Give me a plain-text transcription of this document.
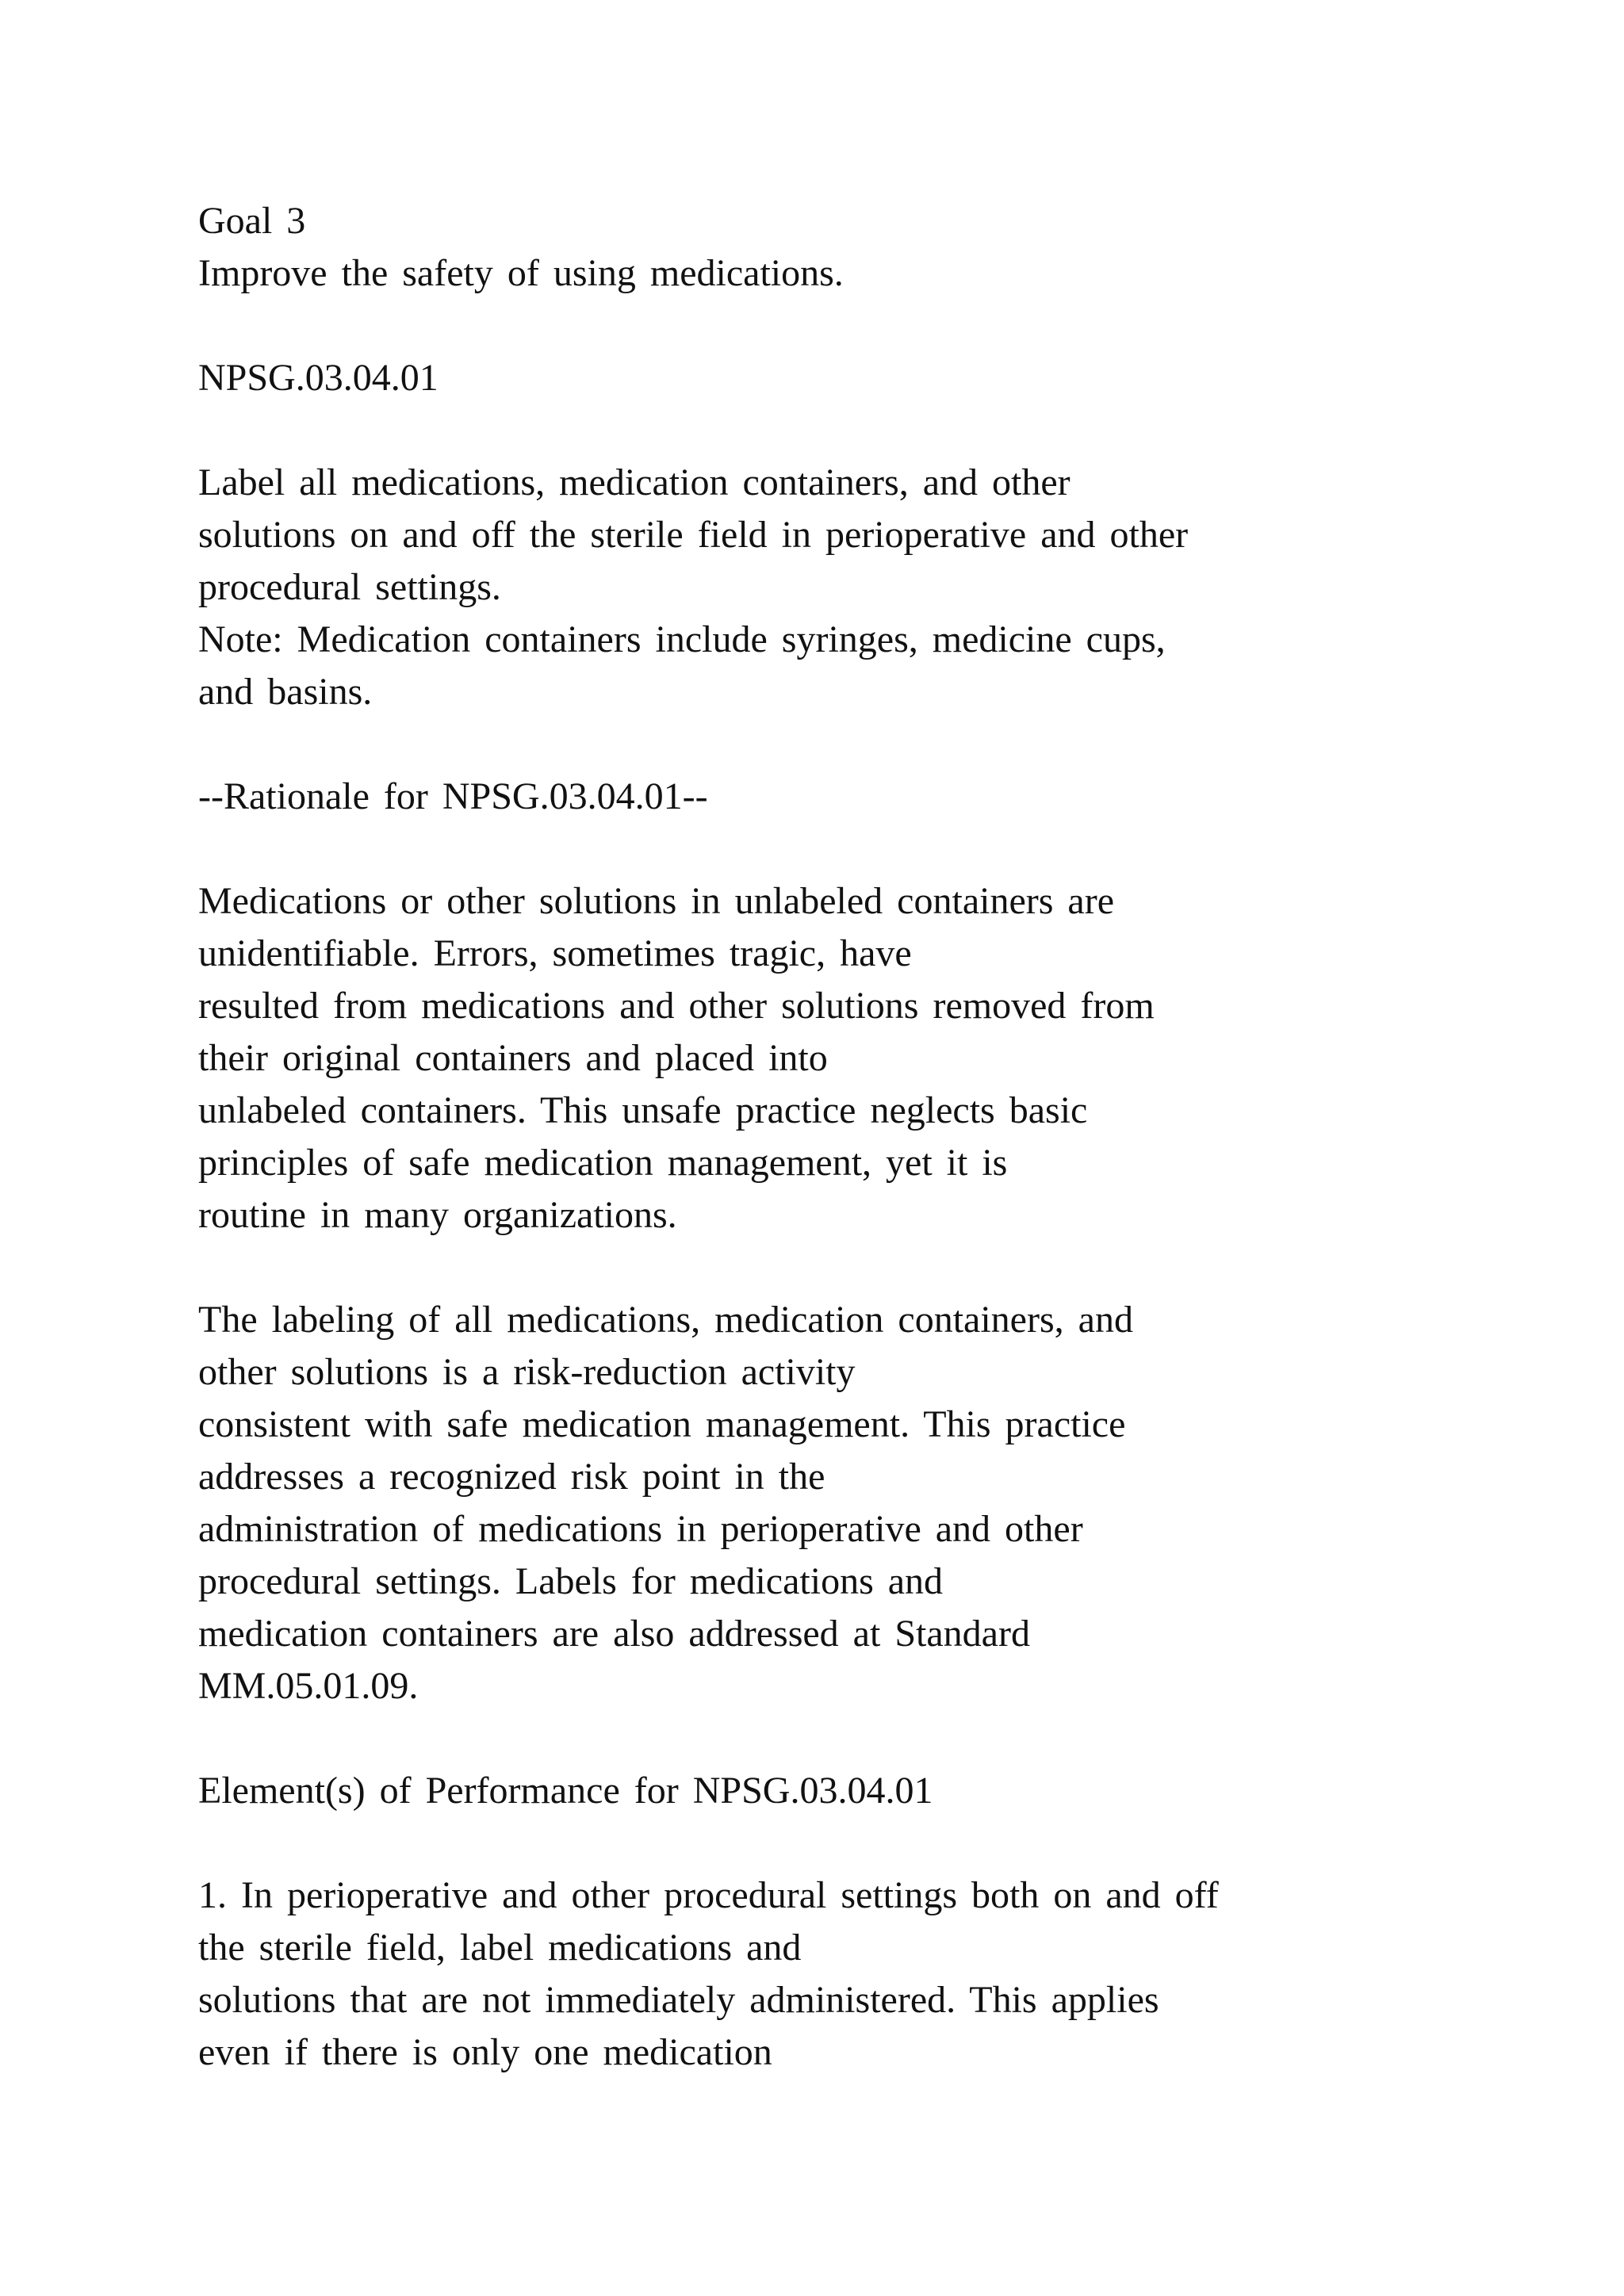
Goal 3
Improve the safety of using medications.
NPSG.03.04.01
Label all medications, medication containers, and other
solutions on and off the sterile field in perioperative and other
procedural settings.
Note: Medication containers include syringes, medicine cups,
and basins.
--Rationale for NPSG.03.04.01--
Medications or other solutions in unlabeled containers are
unidentifiable. Errors, sometimes tragic, have
resulted from medications and other solutions removed from
their original containers and placed into
unlabeled containers. This unsafe practice neglects basic
principles of safe medication management, yet it is
routine in many organizations.
The labeling of all medications, medication containers, and
other solutions is a risk-reduction activity
consistent with safe medication management. This practice
addresses a recognized risk point in the
administration of medications in perioperative and other
procedural settings. Labels for medications and
medication containers are also addressed at Standard
MM.05.01.09.
Element(s) of Performance for NPSG.03.04.01
1. In perioperative and other procedural settings both on and off
the sterile field, label medications and
solutions that are not immediately administered. This applies
even if there is only one medication
